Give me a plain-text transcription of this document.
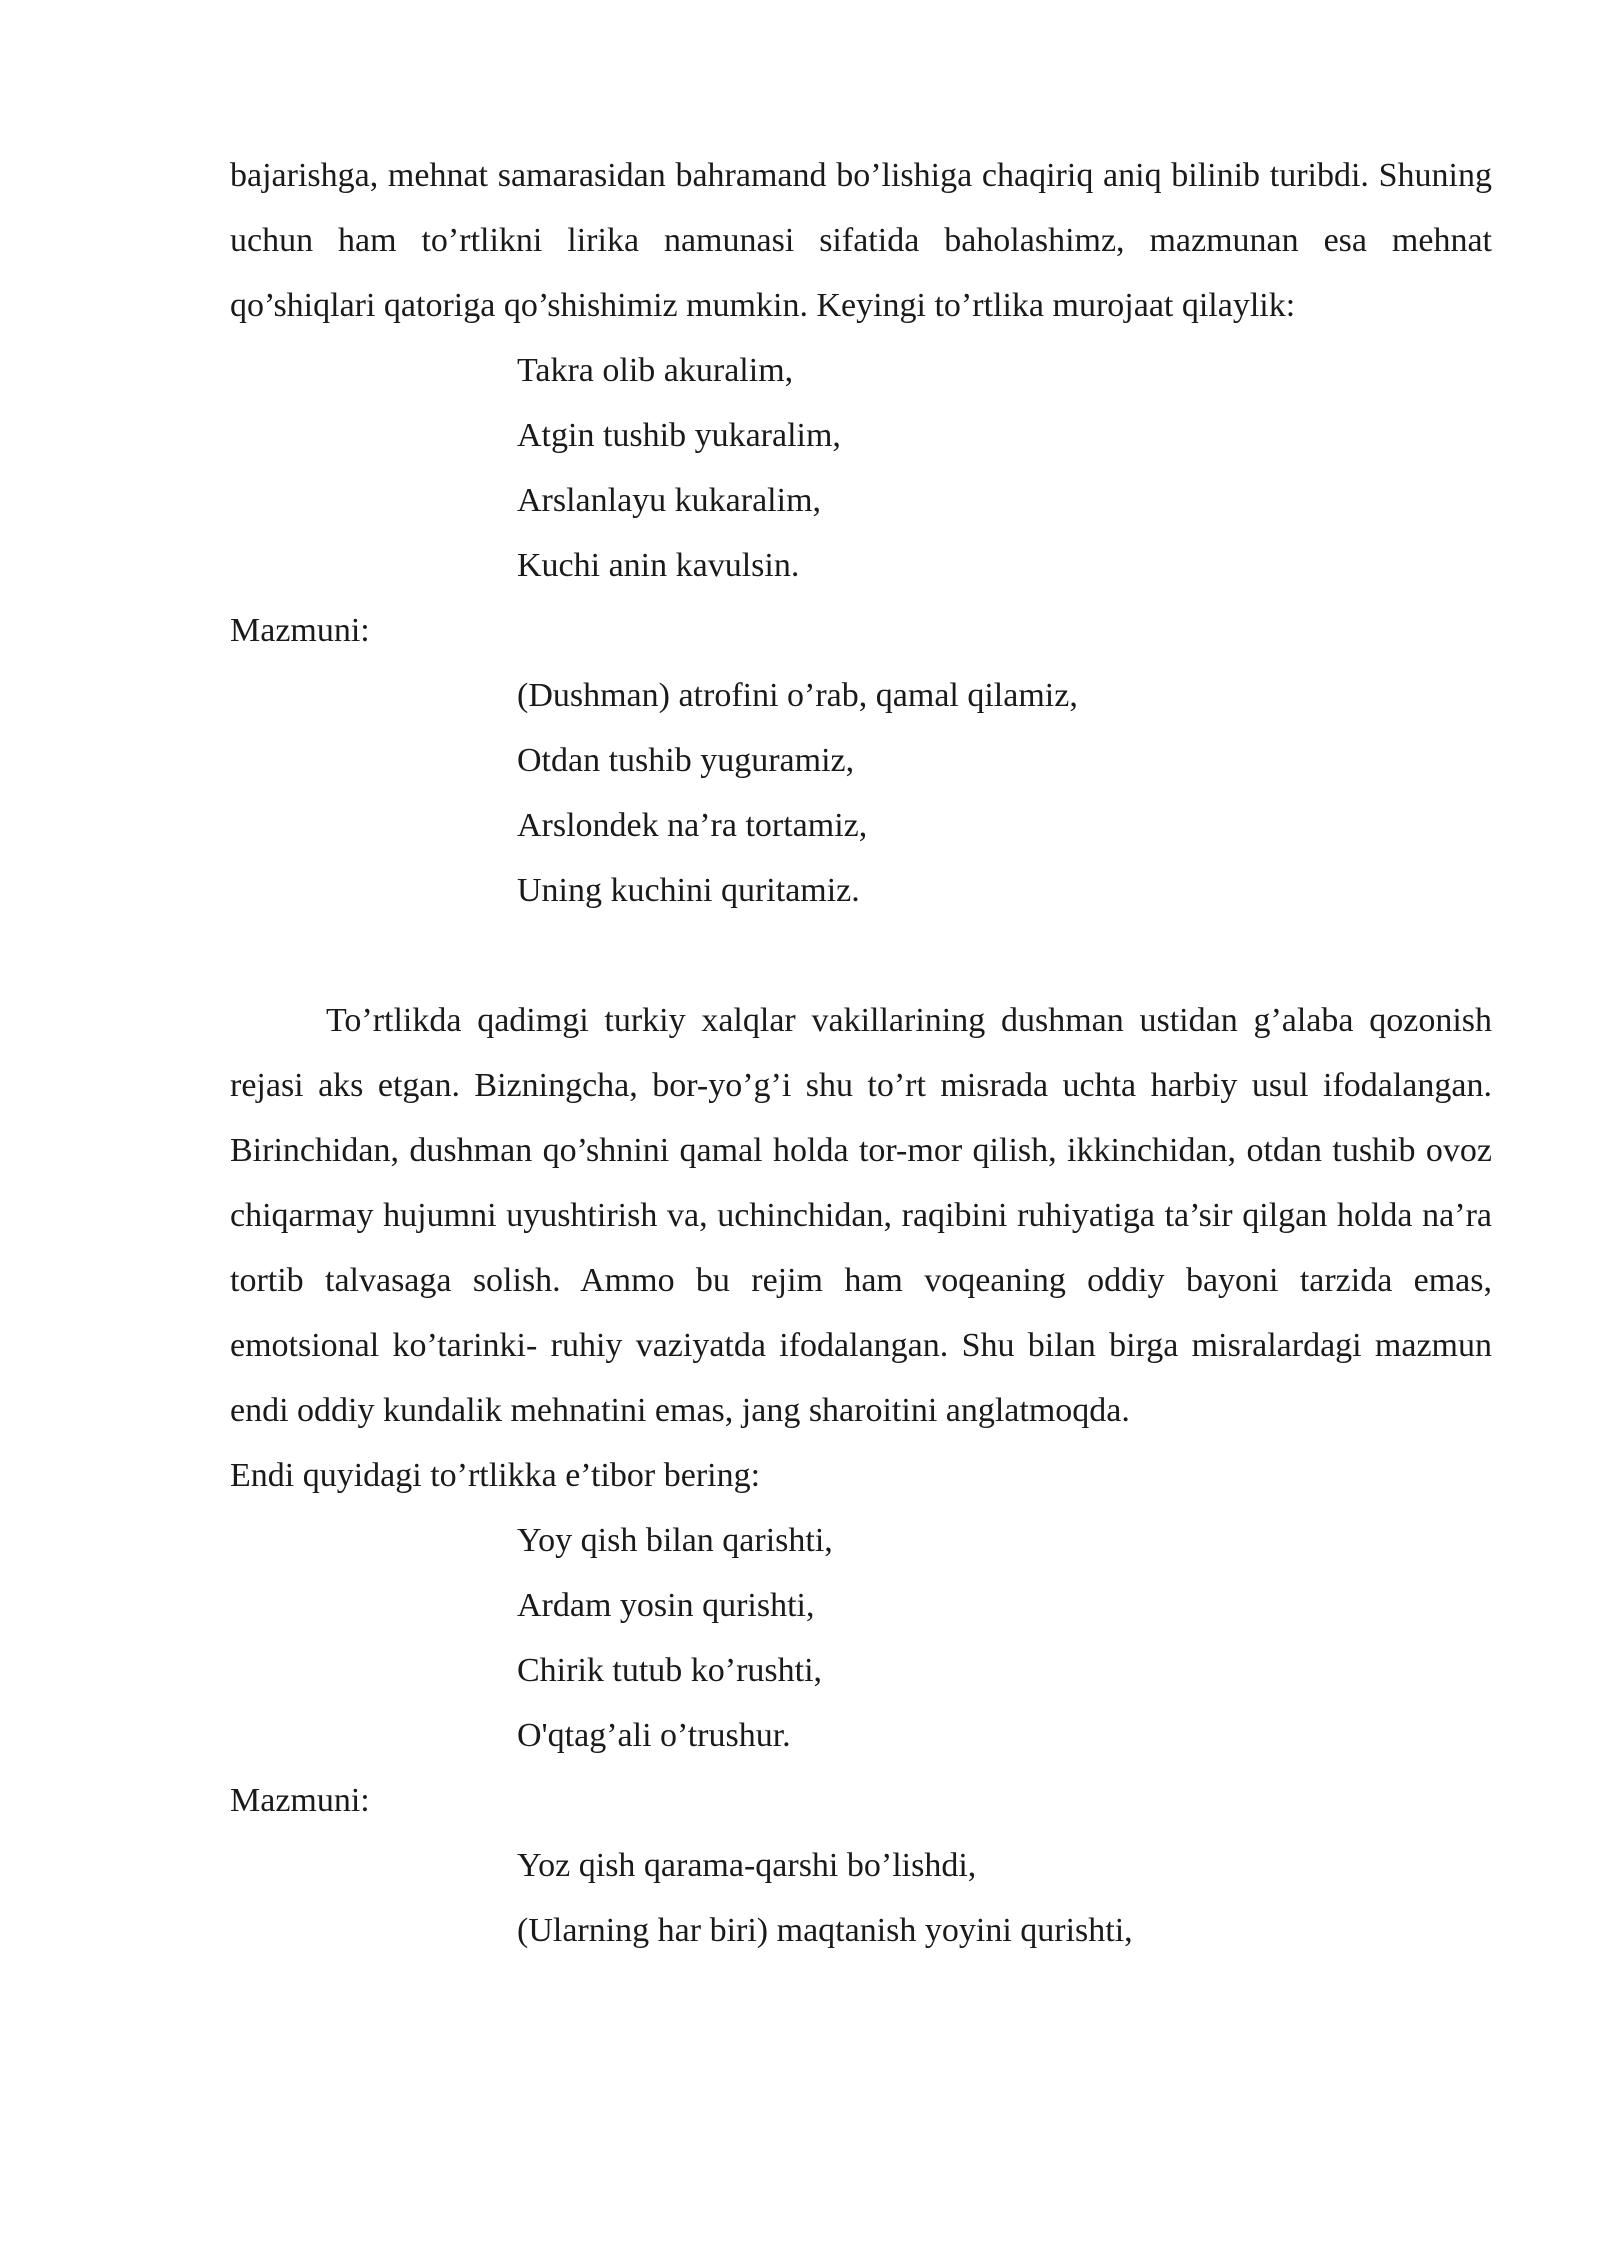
bajarishga, mehnat samarasidan bahramand bo’lishiga chaqiriq aniq bilinib turibdi. Shuning uchun ham to’rtlikni lirika namunasi sifatida baholashimz, mazmunan esa mehnat qo’shiqlari qatoriga qo’shishimiz mumkin. Keyingi to’rtlika murojaat qilaylik:

Takra olib akuralim,
Atgin tushib yukaralim,
Arslanlayu kukaralim,
Kuchi anin kavulsin.

Mazmuni:

(Dushman) atrofini o’rab, qamal qilamiz,
Otdan tushib yuguramiz,
Arslondek na’ra tortamiz,
Uning kuchini quritamiz.

To’rtlikda qadimgi turkiy xalqlar vakillarining dushman ustidan g’alaba qozonish rejasi aks etgan. Bizningcha, bor-yo’g’i shu to’rt misrada uchta harbiy usul ifodalangan. Birinchidan, dushman qo’shnini qamal holda tor-mor qilish, ikkinchidan, otdan tushib ovoz chiqarmay hujumni uyushtirish va, uchinchidan, raqibini ruhiyatiga ta’sir qilgan holda na’ra tortib talvasaga solish. Ammo bu rejim ham voqeaning oddiy bayoni tarzida emas, emotsional ko’tarinki- ruhiy vaziyatda ifodalangan. Shu bilan birga misralardagi mazmun endi oddiy kundalik mehnatini emas, jang sharoitini anglatmoqda.

Endi quyidagi to’rtlikka e’tibor bering:

Yoy qish bilan qarishti,
Ardam yosin qurishti,
Chirik tutub ko’rushti,
O'qtag’ali o’trushur.

Mazmuni:

Yoz qish qarama-qarshi bo’lishdi,
(Ularning har biri) maqtanish yoyini qurishti,
